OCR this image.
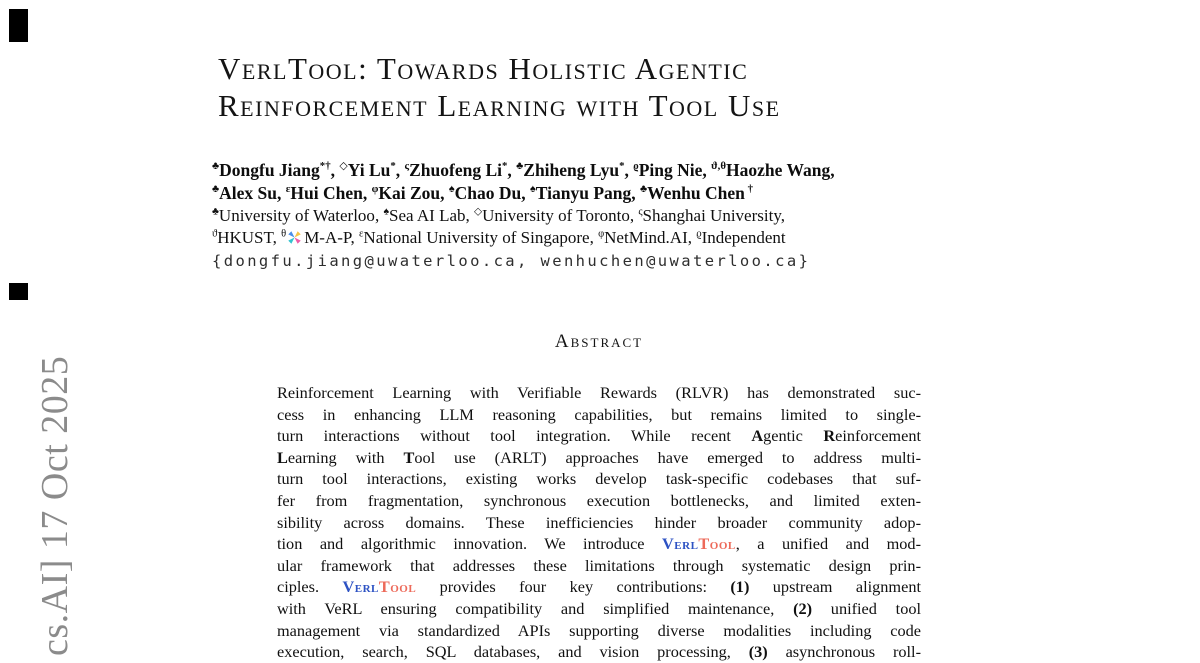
cs.AI] 17 Oct 2025
VerlTool: Towards Holistic Agentic
Reinforcement Learning with Tool Use
♣Dongfu Jiang*†, ◇Yi Lu*, $^\varsigma$Zhuofeng Li*, ♣Zhiheng Lyu*, $^ϱ$Ping Nie, $^{ϑ,\theta}$Haozhe Wang,
♣Alex Su, $^\varepsilon$Hui Chen, $^\varphi$Kai Zou, ♠Chao Du, ♠Tianyu Pang, ♣Wenhu Chen †
♣University of Waterloo, ♠Sea AI Lab, ◇University of Toronto, $^\varsigma$Shanghai University,
$^ϑ$HKUST, $^\theta$ M-A-P, $^\varepsilon$National University of Singapore, $^\varphi$NetMind.AI, $^ϱ$Independent
{dongfu.jiang@uwaterloo.ca, wenhuchen@uwaterloo.ca}
Abstract
Reinforcement Learning with Verifiable Rewards (RLVR) has demonstrated suc-
cess in enhancing LLM reasoning capabilities, but remains limited to single-
turn interactions without tool integration. While recent Agentic Reinforcement
Learning with Tool use (ARLT) approaches have emerged to address multi-
turn tool interactions, existing works develop task-specific codebases that suf-
fer from fragmentation, synchronous execution bottlenecks, and limited exten-
sibility across domains. These inefficiencies hinder broader community adop-
tion and algorithmic innovation. We introduce VerlTool, a unified and mod-
ular framework that addresses these limitations through systematic design prin-
ciples. VerlTool provides four key contributions: (1) upstream alignment
with VeRL ensuring compatibility and simplified maintenance, (2) unified tool
management via standardized APIs supporting diverse modalities including code
execution, search, SQL databases, and vision processing, (3) asynchronous roll-
